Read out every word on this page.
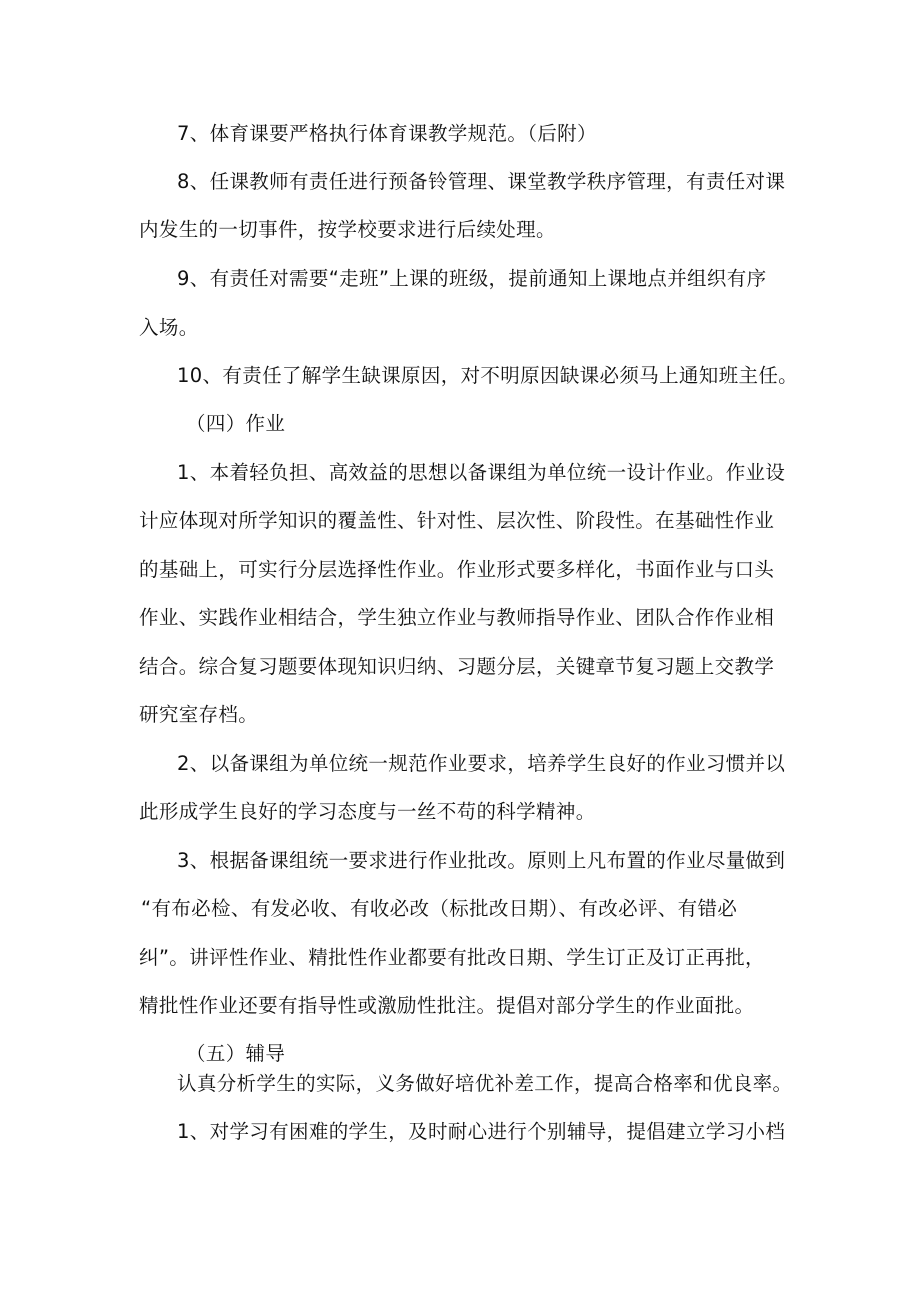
7、体育课要严格执行体育课教学规范。（后附）
8、任课教师有责任进行预备铃管理、课堂教学秩序管理，有责任对课
内发生的一切事件，按学校要求进行后续处理。
9、有责任对需要“走班”上课的班级，提前通知上课地点并组织有序
入场。
10、有责任了解学生缺课原因，对不明原因缺课必须马上通知班主任。
（四）作业
1、本着轻负担、高效益的思想以备课组为单位统一设计作业。作业设
计应体现对所学知识的覆盖性、针对性、层次性、阶段性。在基础性作业
的基础上，可实行分层选择性作业。作业形式要多样化，书面作业与口头
作业、实践作业相结合，学生独立作业与教师指导作业、团队合作作业相
结合。综合复习题要体现知识归纳、习题分层，关键章节复习题上交教学
研究室存档。
2、以备课组为单位统一规范作业要求，培养学生良好的作业习惯并以
此形成学生良好的学习态度与一丝不苟的科学精神。
3、根据备课组统一要求进行作业批改。原则上凡布置的作业尽量做到
“有布必检、有发必收、有收必改（标批改日期）、有改必评、有错必
纠”。讲评性作业、精批性作业都要有批改日期、学生订正及订正再批，
精批性作业还要有指导性或激励性批注。提倡对部分学生的作业面批。
（五）辅导
认真分析学生的实际，义务做好培优补差工作，提高合格率和优良率。
1、对学习有困难的学生，及时耐心进行个别辅导，提倡建立学习小档
